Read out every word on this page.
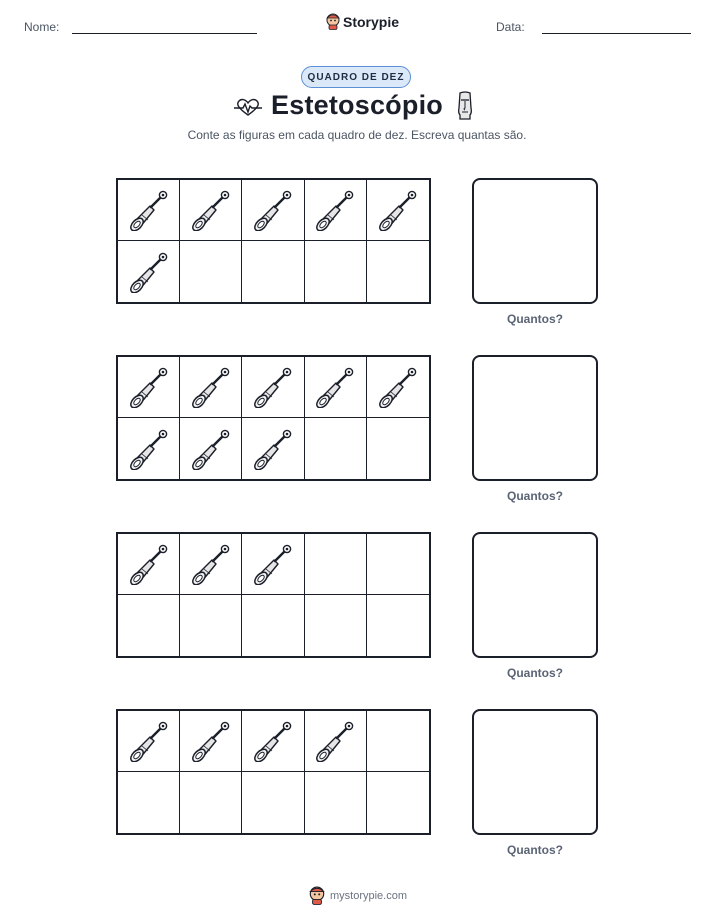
Nome:	Storypie	Data:
QUADRO DE DEZ
Estetoscópio
Conte as figuras em cada quadro de dez. Escreva quantas são.
Quantos?
Quantos?
Quantos?
Quantos?
mystorypie.com
